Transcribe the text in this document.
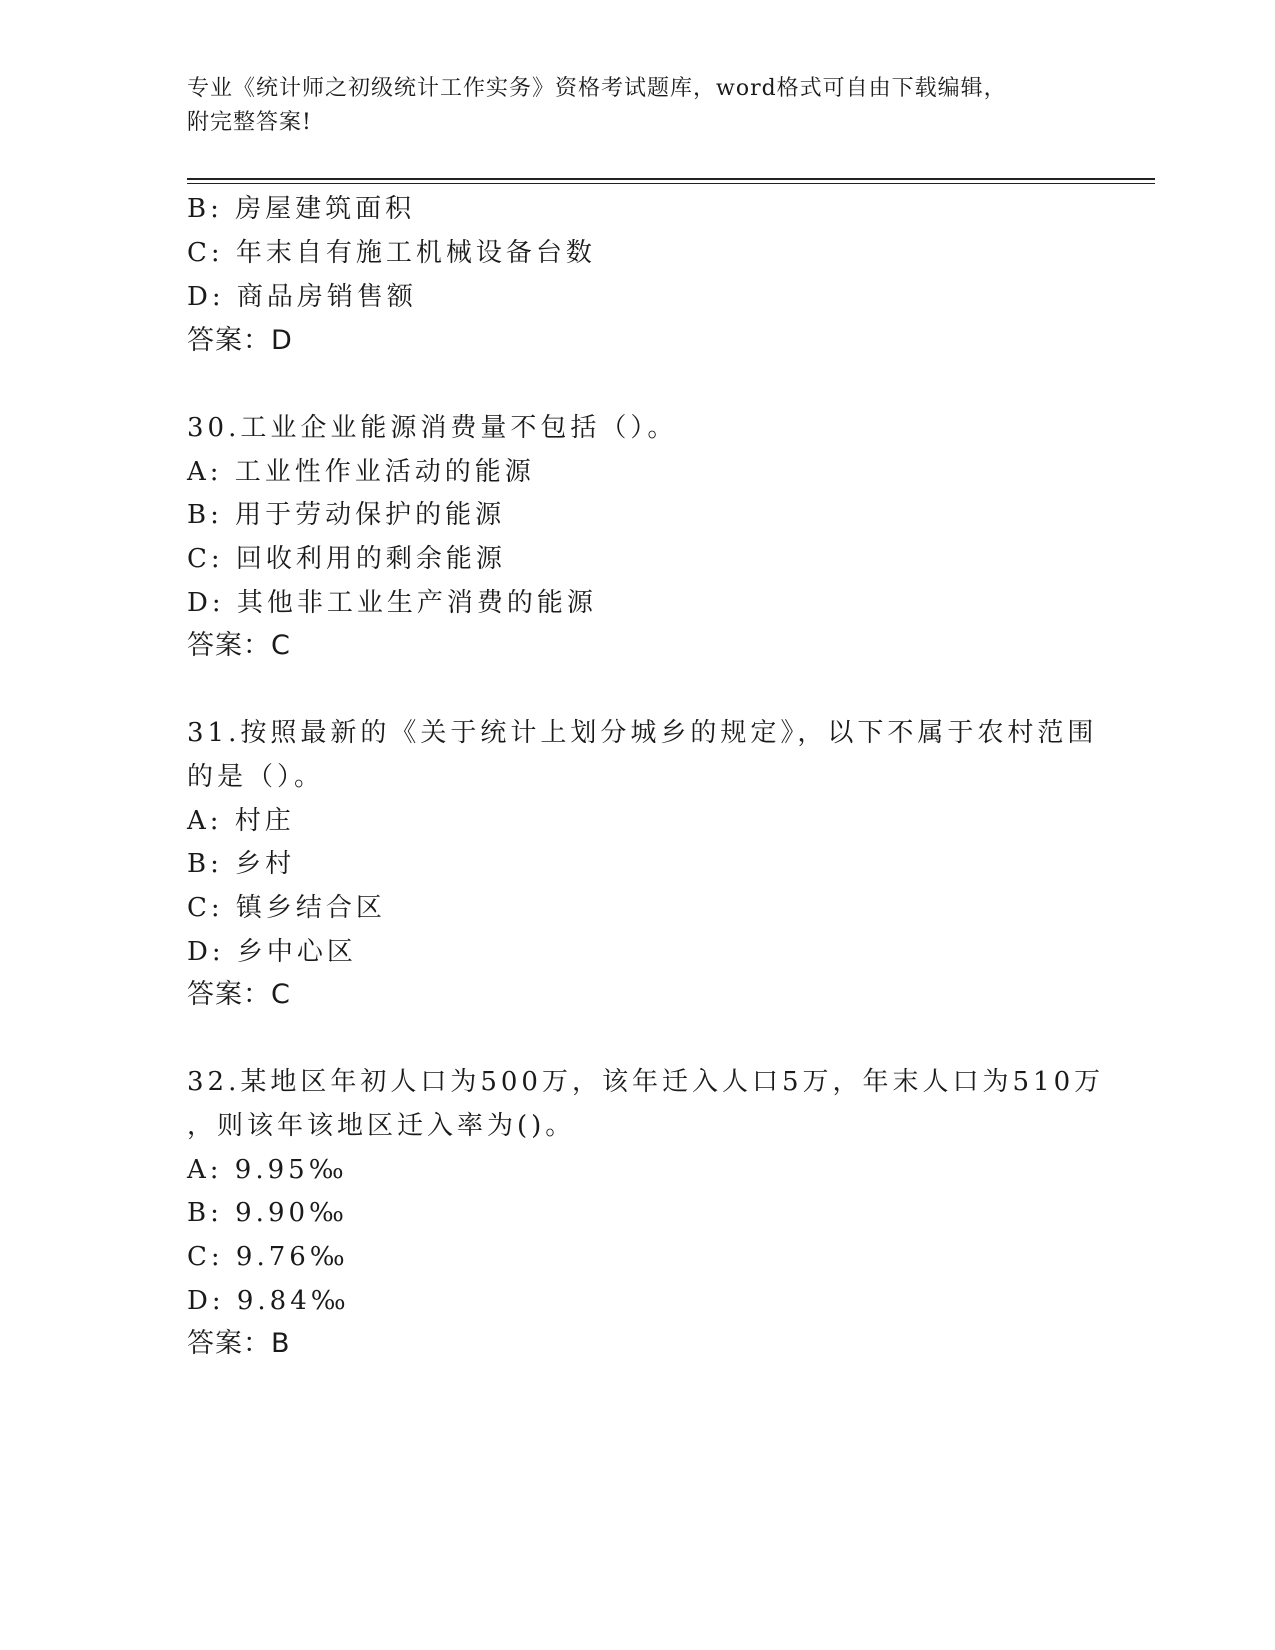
专业《统计师之初级统计工作实务》资格考试题库，word格式可自由下载编辑，
附完整答案!
B: 房屋建筑面积
C: 年末自有施工机械设备台数
D: 商品房销售额
答案：D
30.工业企业能源消费量不包括（）。
A: 工业性作业活动的能源
B: 用于劳动保护的能源
C: 回收利用的剩余能源
D: 其他非工业生产消费的能源
答案：C
31.按照最新的《关于统计上划分城乡的规定》，以下不属于农村范围
的是（）。
A: 村庄
B: 乡村
C: 镇乡结合区
D: 乡中心区
答案：C
32.某地区年初人口为500万，该年迁入人口5万，年末人口为510万
，则该年该地区迁入率为()。
A: 9.95‰
B: 9.90‰
C: 9.76‰
D: 9.84‰
答案：B
